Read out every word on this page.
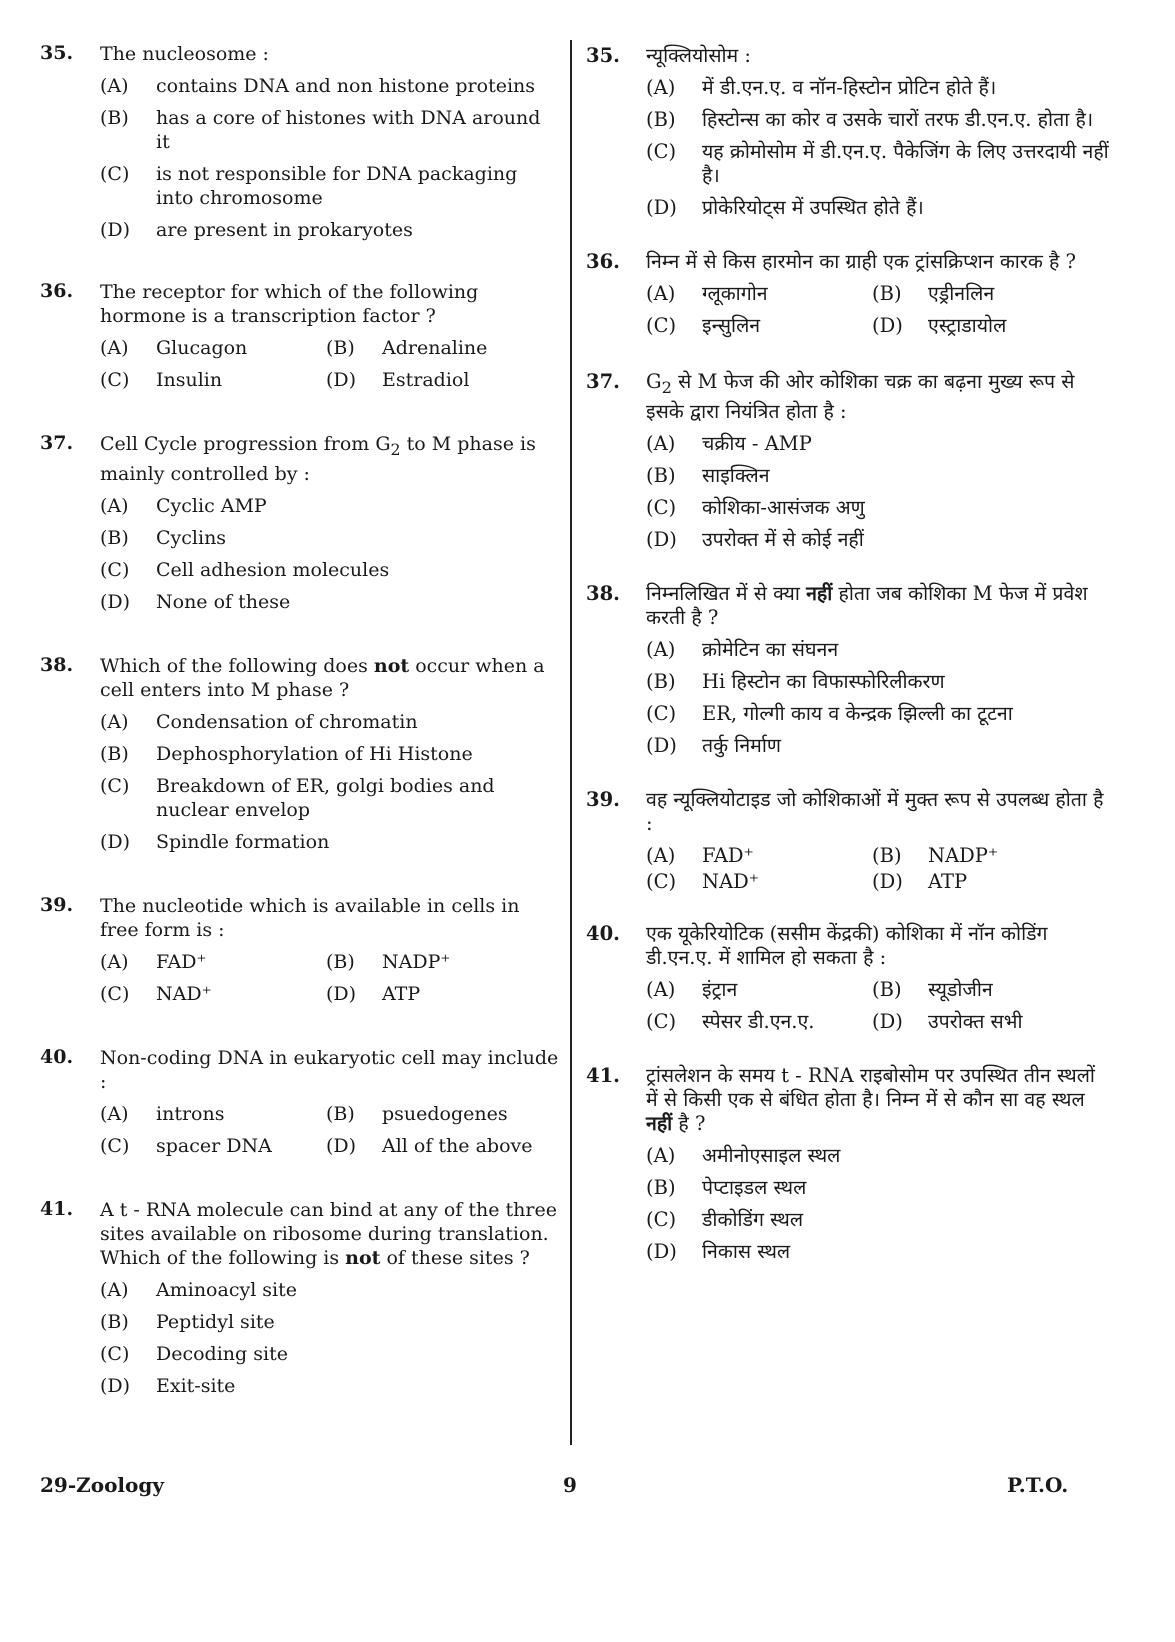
35.	The nucleosome :
(A)	contains DNA and non histone proteins
(B)	has a core of histones with DNA around it
(C)	is not responsible for DNA packaging into chromosome
(D)	are present in prokaryotes
36.	The receptor for which of the following hormone is a transcription factor ?
(A)	Glucagon	(B)	Adrenaline
(C)	Insulin	(D)	Estradiol
37.	Cell Cycle progression from $G_2$ to M phase is mainly controlled by :
(A)	Cyclic AMP
(B)	Cyclins
(C)	Cell adhesion molecules
(D)	None of these
38.	Which of the following does not occur when a cell enters into M phase ?
(A)	Condensation of chromatin
(B)	Dephosphorylation of Hi Histone
(C)	Breakdown of ER, golgi bodies and nuclear envelop
(D)	Spindle formation
39.	The nucleotide which is available in cells in free form is :
(A)	FAD⁺	(B)	NADP⁺
(C)	NAD⁺	(D)	ATP
40.	Non-coding DNA in eukaryotic cell may include :
(A)	introns	(B)	psuedogenes
(C)	spacer DNA	(D)	All of the above
41.	A t - RNA molecule can bind at any of the three sites available on ribosome during translation. Which of the following is not of these sites ?
(A)	Aminoacyl site
(B)	Peptidyl site
(C)	Decoding site
(D)	Exit-site
35.	न्यूक्लियोसोम :
(A)	में डी.एन.ए. व नॉन-हिस्टोन प्रोटिन होते हैं।
(B)	हिस्टोन्स का कोर व उसके चारों तरफ डी.एन.ए. होता है।
(C)	यह क्रोमोसोम में डी.एन.ए. पैकेजिंग के लिए उत्तरदायी नहीं है।
(D)	प्रोकेरियोट्स में उपस्थित होते हैं।
36.	निम्न में से किस हारमोन का ग्राही एक ट्रांसक्रिप्शन कारक है ?
(A)	ग्लूकागोन	(B)	एड्रीनलिन
(C)	इन्सुलिन	(D)	एस्ट्राडायोल
37.	$G_2$ से M फेज की ओर कोशिका चक्र का बढ़ना मुख्य रूप से इसके द्वारा नियंत्रित होता है :
(A)	चक्रीय - AMP
(B)	साइक्लिन
(C)	कोशिका-आसंजक अणु
(D)	उपरोक्त में से कोई नहीं
38.	निम्नलिखित में से क्या नहीं होता जब कोशिका M फेज में प्रवेश करती है ?
(A)	क्रोमेटिन का संघनन
(B)	Hi हिस्टोन का विफास्फोरिलीकरण
(C)	ER, गोल्गी काय व केन्द्रक झिल्ली का टूटना
(D)	तर्कु निर्माण
39.	वह न्यूक्लियोटाइड जो कोशिकाओं में मुक्त रूप से उपलब्ध होता है :
(A)	FAD⁺	(B)	NADP⁺
(C)	NAD⁺	(D)	ATP
40.	एक यूकेरियोटिक (ससीम केंद्रकी) कोशिका में नॉन कोडिंग डी.एन.ए. में शामिल हो सकता है :
(A)	इंट्रान	(B)	स्यूडोजीन
(C)	स्पेसर डी.एन.ए.	(D)	उपरोक्त सभी
41.	ट्रांसलेशन के समय t - RNA राइबोसोम पर उपस्थित तीन स्थलों में से किसी एक से बंधित होता है। निम्न में से कौन सा वह स्थल नहीं है ?
(A)	अमीनोएसाइल स्थल
(B)	पेप्टाइडल स्थल
(C)	डीकोडिंग स्थल
(D)	निकास स्थल
29-Zoology	9	P.T.O.
